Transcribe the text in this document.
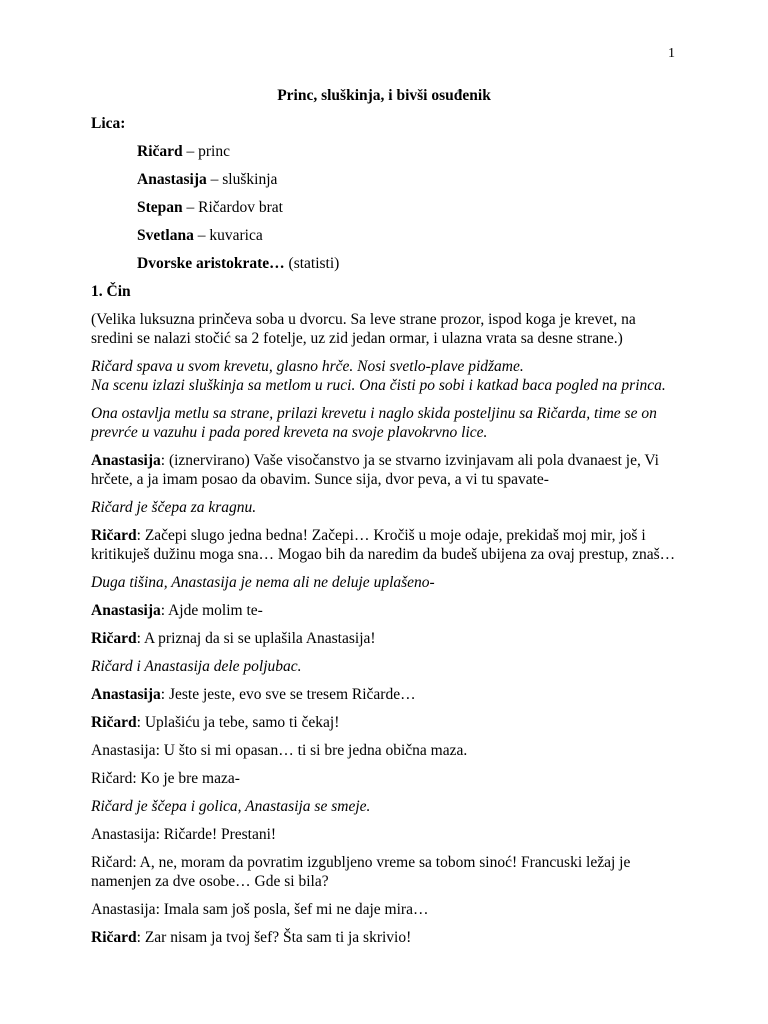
1
Princ, sluškinja, i bivši osuđenik
Lica:
Ričard – princ
Anastasija – sluškinja
Stepan – Ričardov brat
Svetlana – kuvarica
Dvorske aristokrate… (statisti)
1. Čin
(Velika luksuzna prinčeva soba u dvorcu. Sa leve strane prozor, ispod koga je krevet, na
sredini se nalazi stočić sa 2 fotelje, uz zid jedan ormar, i ulazna vrata sa desne strane.)
Ričard spava u svom krevetu, glasno hrče. Nosi svetlo-plave pidžame.
Na scenu izlazi sluškinja sa metlom u ruci. Ona čisti po sobi i katkad baca pogled na princa.
Ona ostavlja metlu sa strane, prilazi krevetu i naglo skida posteljinu sa Ričarda, time se on
prevrće u vazuhu i pada pored kreveta na svoje plavokrvno lice.
Anastasija: (iznervirano) Vaše visočanstvo ja se stvarno izvinjavam ali pola dvanaest je, Vi
hrčete, a ja imam posao da obavim. Sunce sija, dvor peva, a vi tu spavate-
Ričard je ščepa za kragnu.
Ričard: Začepi slugo jedna bedna! Začepi… Kročiš u moje odaje, prekidaš moj mir, još i
kritikuješ dužinu moga sna… Mogao bih da naredim da budeš ubijena za ovaj prestup, znaš…
Duga tišina, Anastasija je nema ali ne deluje uplašeno-
Anastasija: Ajde molim te-
Ričard: A priznaj da si se uplašila Anastasija!
Ričard i Anastasija dele poljubac.
Anastasija: Jeste jeste, evo sve se tresem Ričarde…
Ričard: Uplašiću ja tebe, samo ti čekaj!
Anastasija: U što si mi opasan… ti si bre jedna obična maza.
Ričard: Ko je bre maza-
Ričard je ščepa i golica, Anastasija se smeje.
Anastasija: Ričarde! Prestani!
Ričard: A, ne, moram da povratim izgubljeno vreme sa tobom sinoć! Francuski ležaj je
namenjen za dve osobe… Gde si bila?
Anastasija: Imala sam još posla, šef mi ne daje mira…
Ričard: Zar nisam ja tvoj šef? Šta sam ti ja skrivio!
